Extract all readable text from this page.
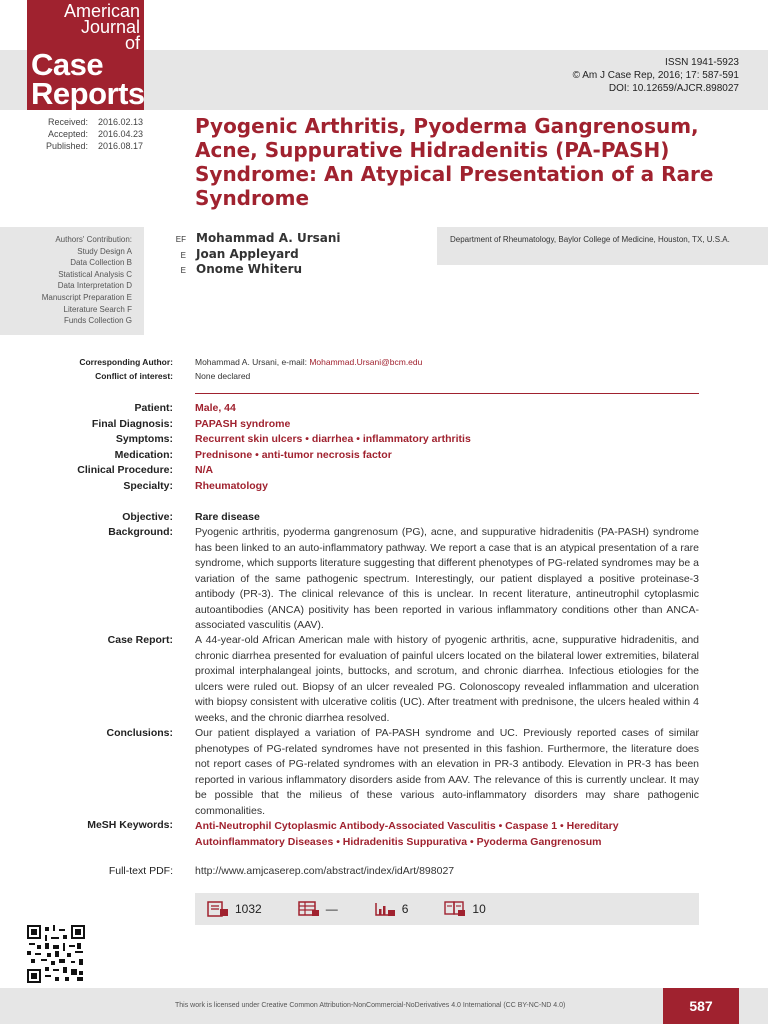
American
Journal
of
Case
Reports
ISSN 1941-5923
© Am J Case Rep, 2016; 17: 587-591
DOI: 10.12659/AJCR.898027
Received: 2016.02.13
Accepted: 2016.04.23
Published: 2016.08.17
Pyogenic Arthritis, Pyoderma Gangrenosum, Acne, Suppurative Hidradenitis (PA-PASH) Syndrome: An Atypical Presentation of a Rare Syndrome
Authors' Contribution:
Study Design A
Data Collection B
Statistical Analysis C
Data Interpretation D
Manuscript Preparation E
Literature Search F
Funds Collection G
EF Mohammad A. Ursani
E Joan Appleyard
E Onome Whiteru
Department of Rheumatology, Baylor College of Medicine, Houston, TX, U.S.A.
Corresponding Author:	Mohammad A. Ursani, e-mail: Mohammad.Ursani@bcm.edu
Conflict of interest:	None declared
Patient: Male, 44
Final Diagnosis: PAPASH syndrome
Symptoms: Recurrent skin ulcers • diarrhea • inflammatory arthritis
Medication: Prednisone • anti-tumor necrosis factor
Clinical Procedure: N/A
Specialty: Rheumatology
Objective: Rare disease
Background: Pyogenic arthritis, pyoderma gangrenosum (PG), acne, and suppurative hidradenitis (PA-PASH) syndrome has been linked to an auto-inflammatory pathway. We report a case that is an atypical presentation of a rare syndrome, which supports literature suggesting that different phenotypes of PG-related syndromes may be a variation of the same pathogenic spectrum. Interestingly, our patient displayed a positive proteinase-3 antibody (PR-3). The clinical relevance of this is unclear. In recent literature, antineutrophil cytoplasmic autoantibodies (ANCA) positivity has been reported in various inflammatory conditions other than ANCA-associated vasculitis (AAV).
Case Report: A 44-year-old African American male with history of pyogenic arthritis, acne, suppurative hidradenitis, and chronic diarrhea presented for evaluation of painful ulcers located on the bilateral lower extremities, bilateral proximal interphalangeal joints, buttocks, and scrotum, and chronic diarrhea. Infectious etiologies for the ulcers were ruled out. Biopsy of an ulcer revealed PG. Colonoscopy revealed inflammation and ulceration with biopsy consistent with ulcerative colitis (UC). After treatment with prednisone, the ulcers healed within 4 weeks, and the chronic diarrhea resolved.
Conclusions: Our patient displayed a variation of PA-PASH syndrome and UC. Previously reported cases of similar phenotypes of PG-related syndromes have not presented in this fashion. Furthermore, the literature does not report cases of PG-related syndromes with an elevation in PR-3 antibody. Elevation in PR-3 has been reported in various inflammatory disorders aside from AAV. The relevance of this is currently unclear. It may be possible that the milieus of these various auto-inflammatory disorders may share pathogenic commonalities.
MeSH Keywords: Anti-Neutrophil Cytoplasmic Antibody-Associated Vasculitis • Caspase 1 • Hereditary Autoinflammatory Diseases • Hidradenitis Suppurativa • Pyoderma Gangrenosum
Full-text PDF: http://www.amjcaserep.com/abstract/index/idArt/898027
1032	—	6	10
This work is licensed under Creative Common Attribution-NonCommercial-NoDerivatives 4.0 International (CC BY-NC-ND 4.0)	587
